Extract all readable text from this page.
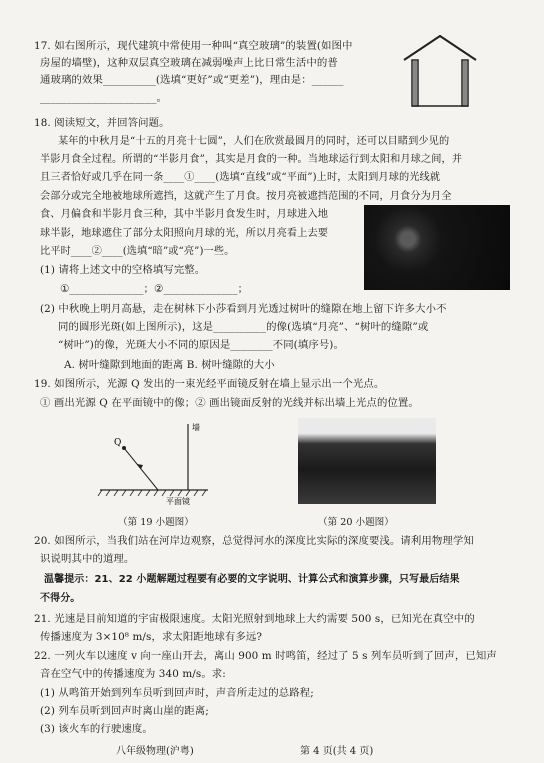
17. 如右图所示，现代建筑中常使用一种叫“真空玻璃”的装置(如图中
房屋的墙壁)，这种双层真空玻璃在减弱噪声上比日常生活中的普
通玻璃的效果__________(选填“更好”或“更差”)，理由是：______
______________________。
18. 阅读短文，并回答问题。
某年的中秋月是“十五的月亮十七圆”，人们在欣赏最圆月的同时，还可以目睹到少见的
半影月食全过程。所谓的“半影月食”，其实是月食的一种。当地球运行到太阳和月球之间，并
且三者恰好或几乎在同一条____①____(选填“直线”或“平面”)上时，太阳到月球的光线就
会部分或完全地被地球所遮挡，这就产生了月食。按月亮被遮挡范围的不同，月食分为月全
食、月偏食和半影月食三种，其中半影月食发生时，月球进入地
球半影，地球遮住了部分太阳照向月球的光，所以月亮看上去要
比平时____②____(选填“暗”或“亮”)一些。
(1) 请将上述文中的空格填写完整。
①______________；②______________；
(2) 中秋晚上明月高悬，走在树林下小莎看到月光透过树叶的缝隙在地上留下许多大小不
同的圆形光斑(如上图所示)，这是__________的像(选填“月亮”、“树叶的缝隙”或
“树叶”)的像，光斑大小不同的原因是________不同(填序号)。
A. 树叶缝隙到地面的距离 B. 树叶缝隙的大小
19. 如图所示，光源 Q 发出的一束光经平面镜反射在墙上显示出一个光点。
① 画出光源 Q 在平面镜中的像；② 画出镜面反射的光线并标出墙上光点的位置。
Q
墙
平面镜
（第 19 小题图）	（第 20 小题图）
20. 如图所示，当我们站在河岸边观察，总觉得河水的深度比实际的深度要浅。请利用物理学知
识说明其中的道理。
温馨提示：21、22 小题解题过程要有必要的文字说明、计算公式和演算步骤，只写最后结果
不得分。
21. 光速是目前知道的宇宙极限速度。太阳光照射到地球上大约需要 500 s，已知光在真空中的
传播速度为 3×10⁸ m/s，求太阳距地球有多远?
22. 一列火车以速度 v 向一座山开去，离山 900 m 时鸣笛，经过了 5 s 列车员听到了回声，已知声
音在空气中的传播速度为 340 m/s。求:
(1) 从鸣笛开始到列车员听到回声时，声音所走过的总路程;
(2) 列车员听到回声时离山崖的距离;
(3) 该火车的行驶速度。
八年级物理(沪粤)	第 4 页(共 4 页)
